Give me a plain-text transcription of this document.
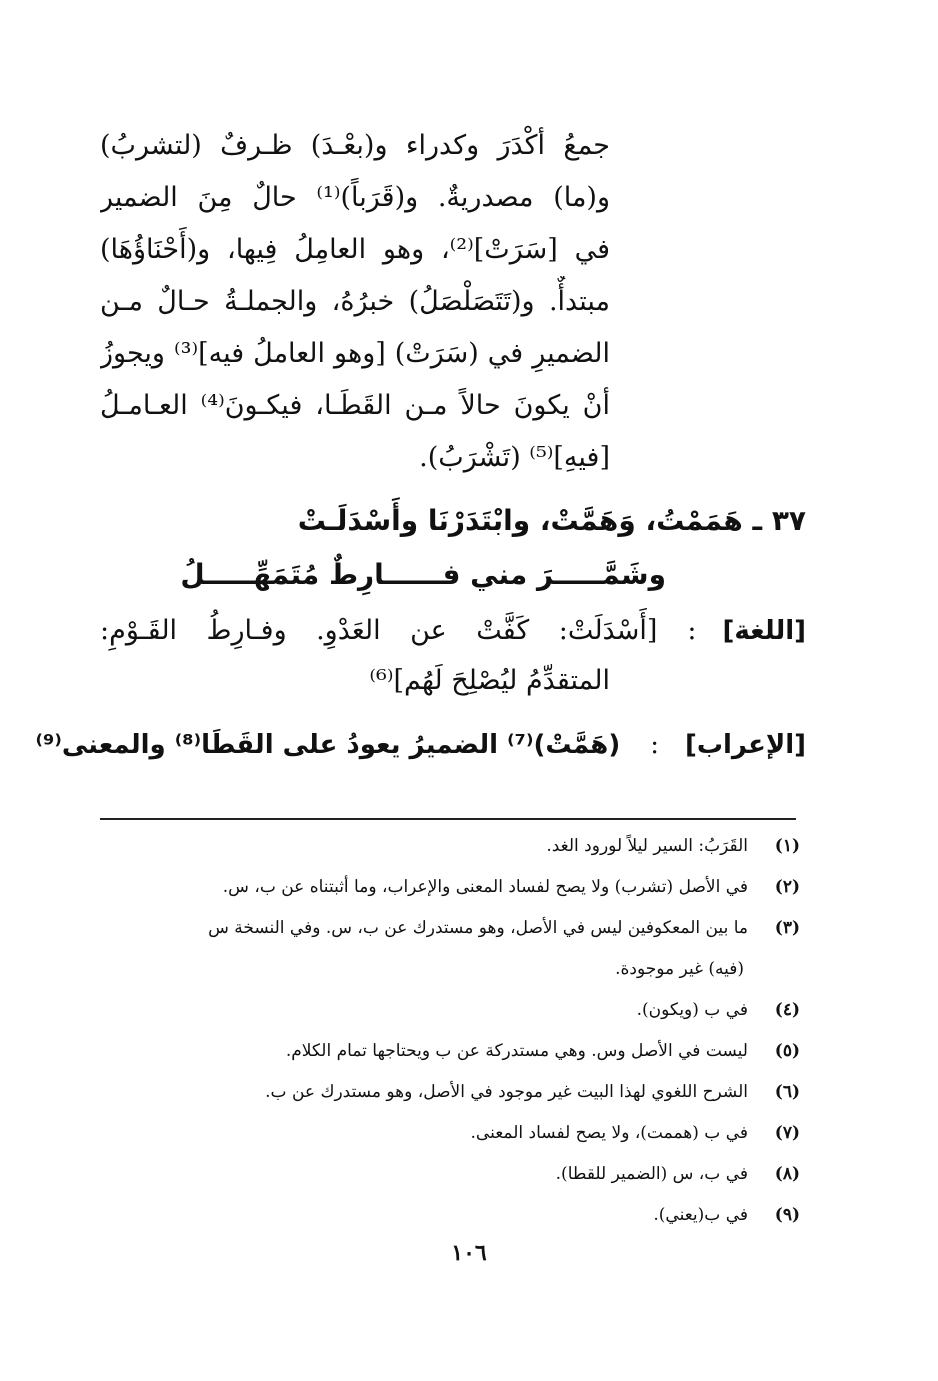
جمعُ أكْدَرَ وكدراء و(بعْـدَ) ظـرفٌ (لتشربُ)
و(ما) مصدريةٌ. و(قَرَباً)⁽¹⁾ حالٌ مِنَ الضمير
في [سَرَتْ]⁽²⁾، وهو العامِلُ فِيها، و(أَحْنَاؤُهَا)
مبتدأٌ. و(تَتَصَلْصَلُ) خبرُهُ، والجملـةُ حـالٌ مـن
الضميرِ في (سَرَتْ) [وهو العاملُ فيه]⁽³⁾ ويجوزُ
أنْ يكونَ حالاً مـن القَطَـا، فيكـونَ⁽⁴⁾ العـامـلُ
[فيهِ]⁽⁵⁾ (تَشْرَبُ).
٣٧ ـ هَمَمْتُ، وَهَمَّتْ، وابْتَدَرْنَا وأَسْدَلَـتْ
وشَمَّـــــرَ مني فــــــارِطٌ مُتَمَهِّـــــلُ
[اللغة]
:
[أَسْدَلَتْ: كَفَّتْ عن العَدْوِ. وفـارِطُ القَـوْمِ:
المتقدِّمُ ليُصْلِحَ لَهُم]⁽⁶⁾
[الإعراب]
:
(هَمَّتْ)⁽⁷⁾ الضميرُ يعودُ على القَطَا⁽⁸⁾ والمعنى⁽⁹⁾
(١)
القَرَبُ: السير ليلاً لورود الغد.
(٢)
في الأصل (تشرب) ولا يصح لفساد المعنى والإعراب، وما أثبتناه عن ب، س.
(٣)
ما بين المعكوفين ليس في الأصل، وهو مستدرك عن ب، س. وفي النسخة س
(فيه) غير موجودة.
(٤)
في ب (ويكون).
(٥)
ليست في الأصل وس. وهي مستدركة عن ب ويحتاجها تمام الكلام.
(٦)
الشرح اللغوي لهذا البيت غير موجود في الأصل، وهو مستدرك عن ب.
(٧)
في ب (هممت)، ولا يصح لفساد المعنى.
(٨)
في ب، س (الضمير للقطا).
(٩)
في ب(يعني).
١٠٦
